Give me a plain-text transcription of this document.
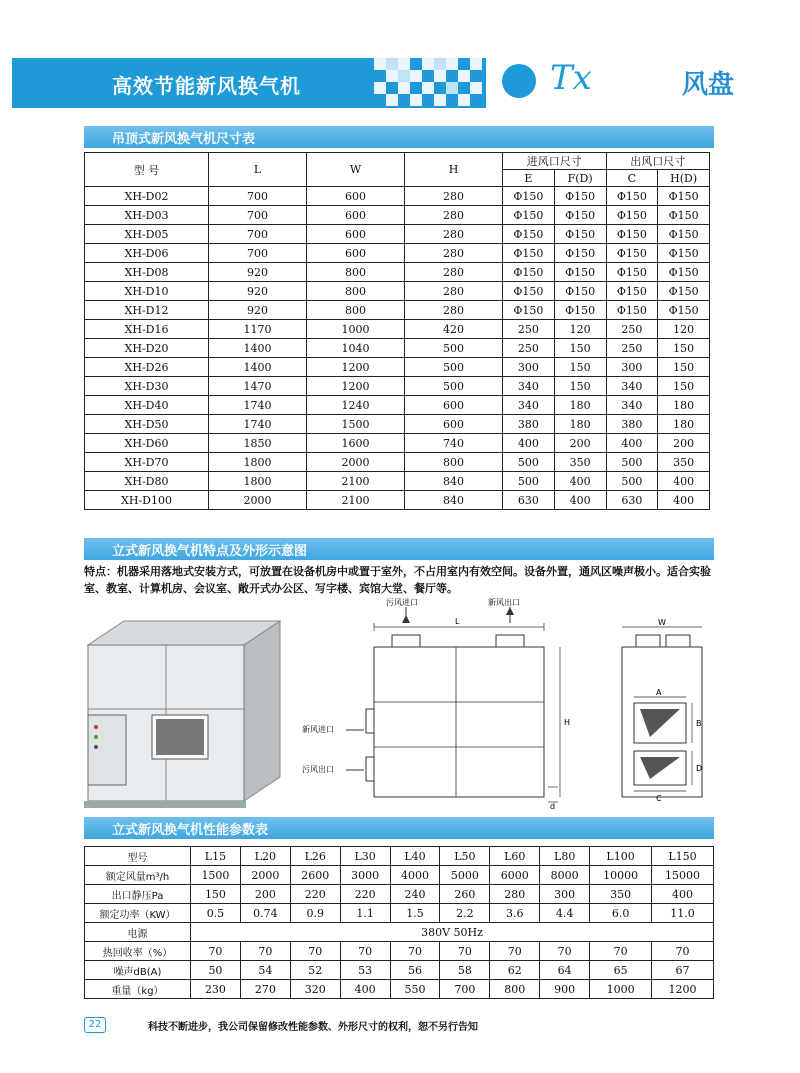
高效节能新风换气机	Tx	风盘
吊顶式新风换气机尺寸表
型 号	L	W	H	进风口尺寸		出风口尺寸	
				E	F(D)	C	H(D)
XH-D02	700	600	280	Φ150	Φ150	Φ150	Φ150
XH-D03	700	600	280	Φ150	Φ150	Φ150	Φ150
XH-D05	700	600	280	Φ150	Φ150	Φ150	Φ150
XH-D06	700	600	280	Φ150	Φ150	Φ150	Φ150
XH-D08	920	800	280	Φ150	Φ150	Φ150	Φ150
XH-D10	920	800	280	Φ150	Φ150	Φ150	Φ150
XH-D12	920	800	280	Φ150	Φ150	Φ150	Φ150
XH-D16	1170	1000	420	250	120	250	120
XH-D20	1400	1040	500	250	150	250	150
XH-D26	1400	1200	500	300	150	300	150
XH-D30	1470	1200	500	340	150	340	150
XH-D40	1740	1240	600	340	180	340	180
XH-D50	1740	1500	600	380	180	380	180
XH-D60	1850	1600	740	400	200	400	200
XH-D70	1800	2000	800	500	350	500	350
XH-D80	1800	2100	840	500	400	500	400
XH-D100	2000	2100	840	630	400	630	400
立式新风换气机特点及外形示意图
特点：机器采用落地式安装方式，可放置在设备机房中或置于室外，不占用室内有效空间。设备外置，通风区噪声极小。适合实验室、教室、计算机房、会议室、敞开式办公区、写字楼、宾馆大堂、餐厅等。
污风进口	新风出口
L
新风进口
污风出口
H
d
W
A
B
C
D
立式新风换气机性能参数表
型号	L15	L20	L26	L30	L40	L50	L60	L80	L100	L150
额定风量m³/h	1500	2000	2600	3000	4000	5000	6000	8000	10000	15000
出口静压Pa	150	200	220	220	240	260	280	300	350	400
额定功率（KW）	0.5	0.74	0.9	1.1	1.5	2.2	3.6	4.4	6.0	11.0
电源	380V 50Hz									
热回收率（%）	70	70	70	70	70	70	70	70	70	70
噪声dB(A)	50	54	52	53	56	58	62	64	65	67
重量（kg）	230	270	320	400	550	700	800	900	1000	1200
22	科技不断进步，我公司保留修改性能参数、外形尺寸的权利，恕不另行告知
